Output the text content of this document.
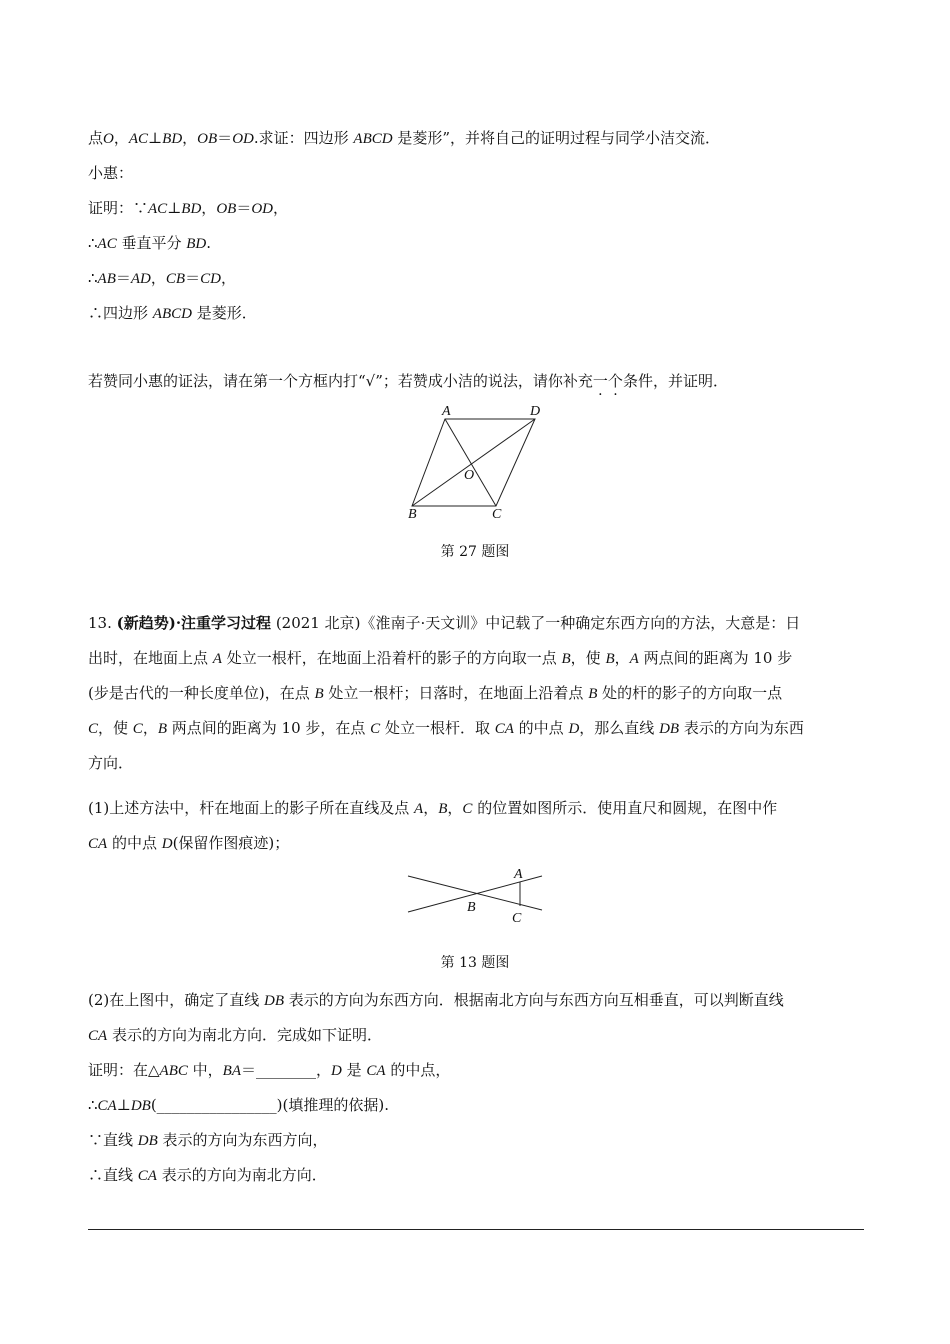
点O，AC⊥BD，OB＝OD.求证：四边形 ABCD 是菱形”，并将自己的证明过程与同学小洁交流．
小惠：
证明：∵AC⊥BD，OB＝OD，
∴AC 垂直平分 BD.
∴AB＝AD，CB＝CD，
∴四边形 ABCD 是菱形．
若赞同小惠的证法，请在第一个方框内打“√”；若赞成小洁的说法，请你补充一个条件，并证明．
A	D
O
B	C
第 27 题图
13. (新趋势)·注重学习过程 (2021 北京)《淮南子·天文训》中记载了一种确定东西方向的方法，大意是：日
出时，在地面上点 A 处立一根杆，在地面上沿着杆的影子的方向取一点 B，使 B，A 两点间的距离为 10 步
(步是古代的一种长度单位)，在点 B 处立一根杆；日落时，在地面上沿着点 B 处的杆的影子的方向取一点
C，使 C，B 两点间的距离为 10 步，在点 C 处立一根杆．取 CA 的中点 D，那么直线 DB 表示的方向为东西
方向．
(1)上述方法中，杆在地面上的影子所在直线及点 A，B，C 的位置如图所示．使用直尺和圆规，在图中作
CA 的中点 D(保留作图痕迹)；
A
B
C
第 13 题图
(2)在上图中，确定了直线 DB 表示的方向为东西方向．根据南北方向与东西方向互相垂直，可以判断直线
CA 表示的方向为南北方向．完成如下证明．
证明：在△ABC 中，BA＝________，D 是 CA 的中点，
∴CA⊥DB(________________)(填推理的依据).
∵直线 DB 表示的方向为东西方向，
∴直线 CA 表示的方向为南北方向．
